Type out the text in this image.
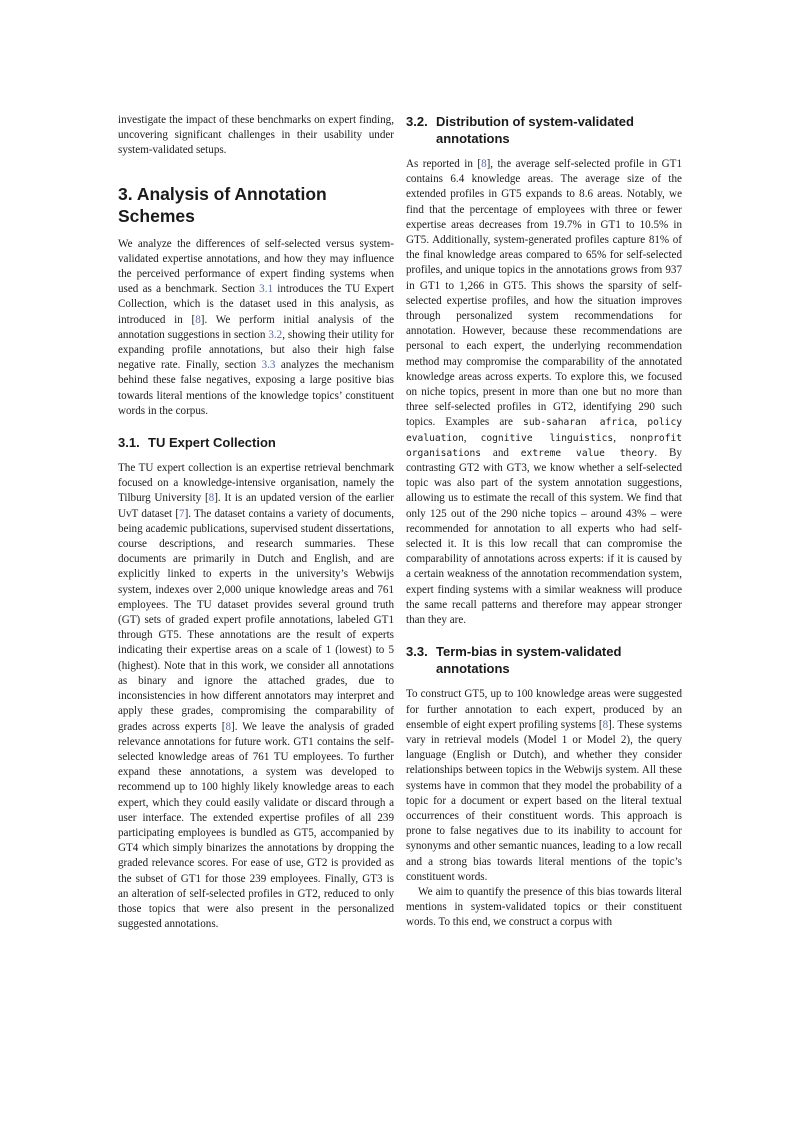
investigate the impact of these benchmarks on expert finding, uncovering significant challenges in their usability under system-validated setups.

3. Analysis of Annotation Schemes

We analyze the differences of self-selected versus system-validated expertise annotations, and how they may influence the perceived performance of expert finding systems when used as a benchmark. Section 3.1 introduces the TU Expert Collection, which is the dataset used in this analysis, as introduced in [8]. We perform initial analysis of the annotation suggestions in section 3.2, showing their utility for expanding profile annotations, but also their high false negative rate. Finally, section 3.3 analyzes the mechanism behind these false negatives, exposing a large positive bias towards literal mentions of the knowledge topics’ constituent words in the corpus.

3.1. TU Expert Collection

The TU expert collection is an expertise retrieval benchmark focused on a knowledge-intensive organisation, namely the Tilburg University [8]. It is an updated version of the earlier UvT dataset [7]. The dataset contains a variety of documents, being academic publications, supervised student dissertations, course descriptions, and research summaries. These documents are primarily in Dutch and English, and are explicitly linked to experts in the university’s Webwijs system, indexes over 2,000 unique knowledge areas and 761 employees. The TU dataset provides several ground truth (GT) sets of graded expert profile annotations, labeled GT1 through GT5. These annotations are the result of experts indicating their expertise areas on a scale of 1 (lowest) to 5 (highest). Note that in this work, we consider all annotations as binary and ignore the attached grades, due to inconsistencies in how different annotators may interpret and apply these grades, compromising the comparability of grades across experts [8]. We leave the analysis of graded relevance annotations for future work. GT1 contains the self-selected knowledge areas of 761 TU employees. To further expand these annotations, a system was developed to recommend up to 100 highly likely knowledge areas to each expert, which they could easily validate or discard through a user interface. The extended expertise profiles of all 239 participating employees is bundled as GT5, accompanied by GT4 which simply binarizes the annotations by dropping the graded relevance scores. For ease of use, GT2 is provided as the subset of GT1 for those 239 employees. Finally, GT3 is an alteration of self-selected profiles in GT2, reduced to only those topics that were also present in the personalized suggested annotations.

3.2. Distribution of system-validated annotations

As reported in [8], the average self-selected profile in GT1 contains 6.4 knowledge areas. The average size of the extended profiles in GT5 expands to 8.6 areas. Notably, we find that the percentage of employees with three or fewer expertise areas decreases from 19.7% in GT1 to 10.5% in GT5. Additionally, system-generated profiles capture 81% of the final knowledge areas compared to 65% for self-selected profiles, and unique topics in the annotations grows from 937 in GT1 to 1,266 in GT5. This shows the sparsity of self-selected expertise profiles, and how the situation improves through personalized system recommendations for annotation. However, because these recommendations are personal to each expert, the underlying recommendation method may compromise the comparability of the annotated knowledge areas across experts. To explore this, we focused on niche topics, present in more than one but no more than three self-selected profiles in GT2, identifying 290 such topics. Examples are sub-saharan africa, policy evaluation, cognitive linguistics, nonprofit organisations and extreme value theory. By contrasting GT2 with GT3, we know whether a self-selected topic was also part of the system annotation suggestions, allowing us to estimate the recall of this system. We find that only 125 out of the 290 niche topics – around 43% – were recommended for annotation to all experts who had self-selected it. It is this low recall that can compromise the comparability of annotations across experts: if it is caused by a certain weakness of the annotation recommendation system, expert finding systems with a similar weakness will produce the same recall patterns and therefore may appear stronger than they are.

3.3. Term-bias in system-validated annotations

To construct GT5, up to 100 knowledge areas were suggested for further annotation to each expert, produced by an ensemble of eight expert profiling systems [8]. These systems vary in retrieval models (Model 1 or Model 2), the query language (English or Dutch), and whether they consider relationships between topics in the Webwijs system. All these systems have in common that they model the probability of a topic for a document or expert based on the literal textual occurrences of their constituent words. This approach is prone to false negatives due to its inability to account for synonyms and other semantic nuances, leading to a low recall and a strong bias towards literal mentions of the topic’s constituent words.

We aim to quantify the presence of this bias towards literal mentions in system-validated topics or their constituent words. To this end, we construct a corpus with
